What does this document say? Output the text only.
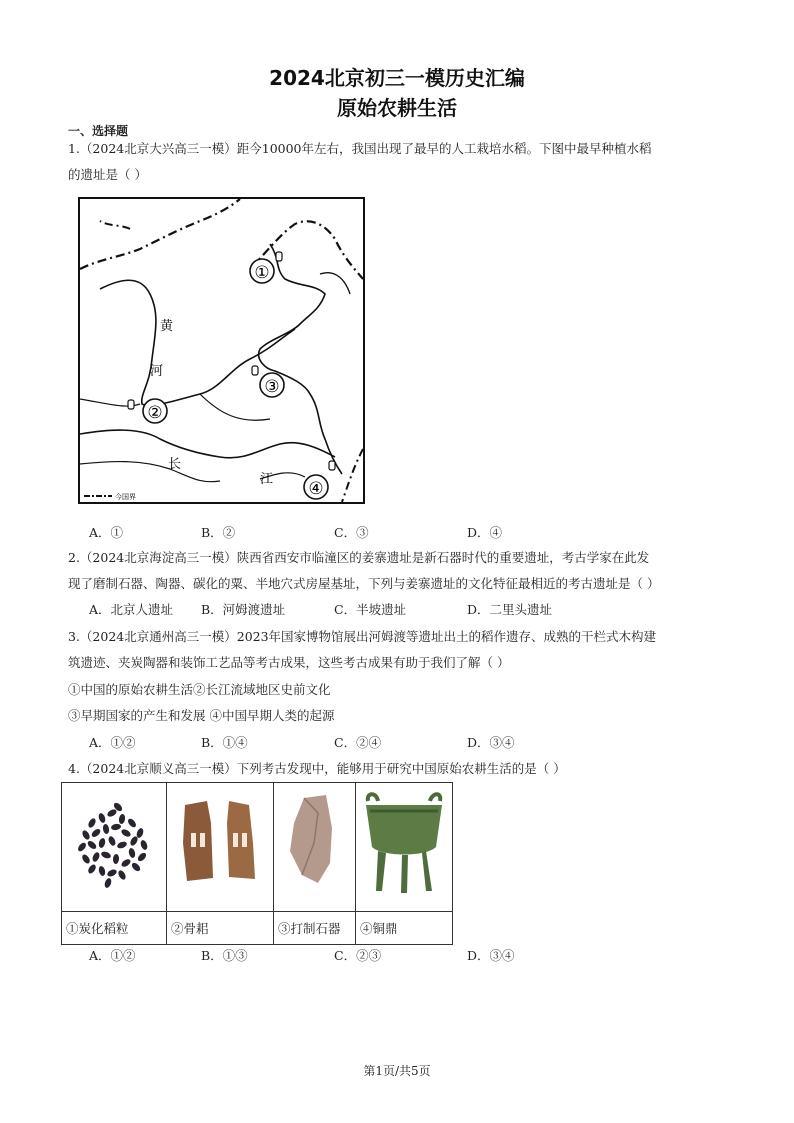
2024北京初三一模历史汇编
原始农耕生活
一、选择题
1.（2024北京大兴高三一模）距今10000年左右，我国出现了最早的人工栽培水稻。下图中最早种植水稻
的遗址是（ ）
①
②
③
④
黄
河
长
江
今国界
A．①	B．②	C．③	D．④
2.（2024北京海淀高三一模）陕西省西安市临潼区的姜寨遗址是新石器时代的重要遗址，考古学家在此发
现了磨制石器、陶器、碳化的粟、半地穴式房屋基址，下列与姜寨遗址的文化特征最相近的考古遗址是（ ）
A．北京人遗址 B．河姆渡遗址	C．半坡遗址	D．二里头遗址
3.（2024北京通州高三一模）2023年国家博物馆展出河姆渡等遗址出土的稻作遗存、成熟的干栏式木构建
筑遗迹、夹炭陶器和装饰工艺品等考古成果，这些考古成果有助于我们了解（ ）
①中国的原始农耕生活②长江流域地区史前文化
③早期国家的产生和发展 ④中国早期人类的起源
A．①②	B．①④	C．②④	D．③④
4.（2024北京顺义高三一模）下列考古发现中，能够用于研究中国原始农耕生活的是（ ）

①炭化稻粒	②骨耜	③打制石器	④铜鼎
A．①②	B．①③	C．②③	D．③④
第1页/共5页
